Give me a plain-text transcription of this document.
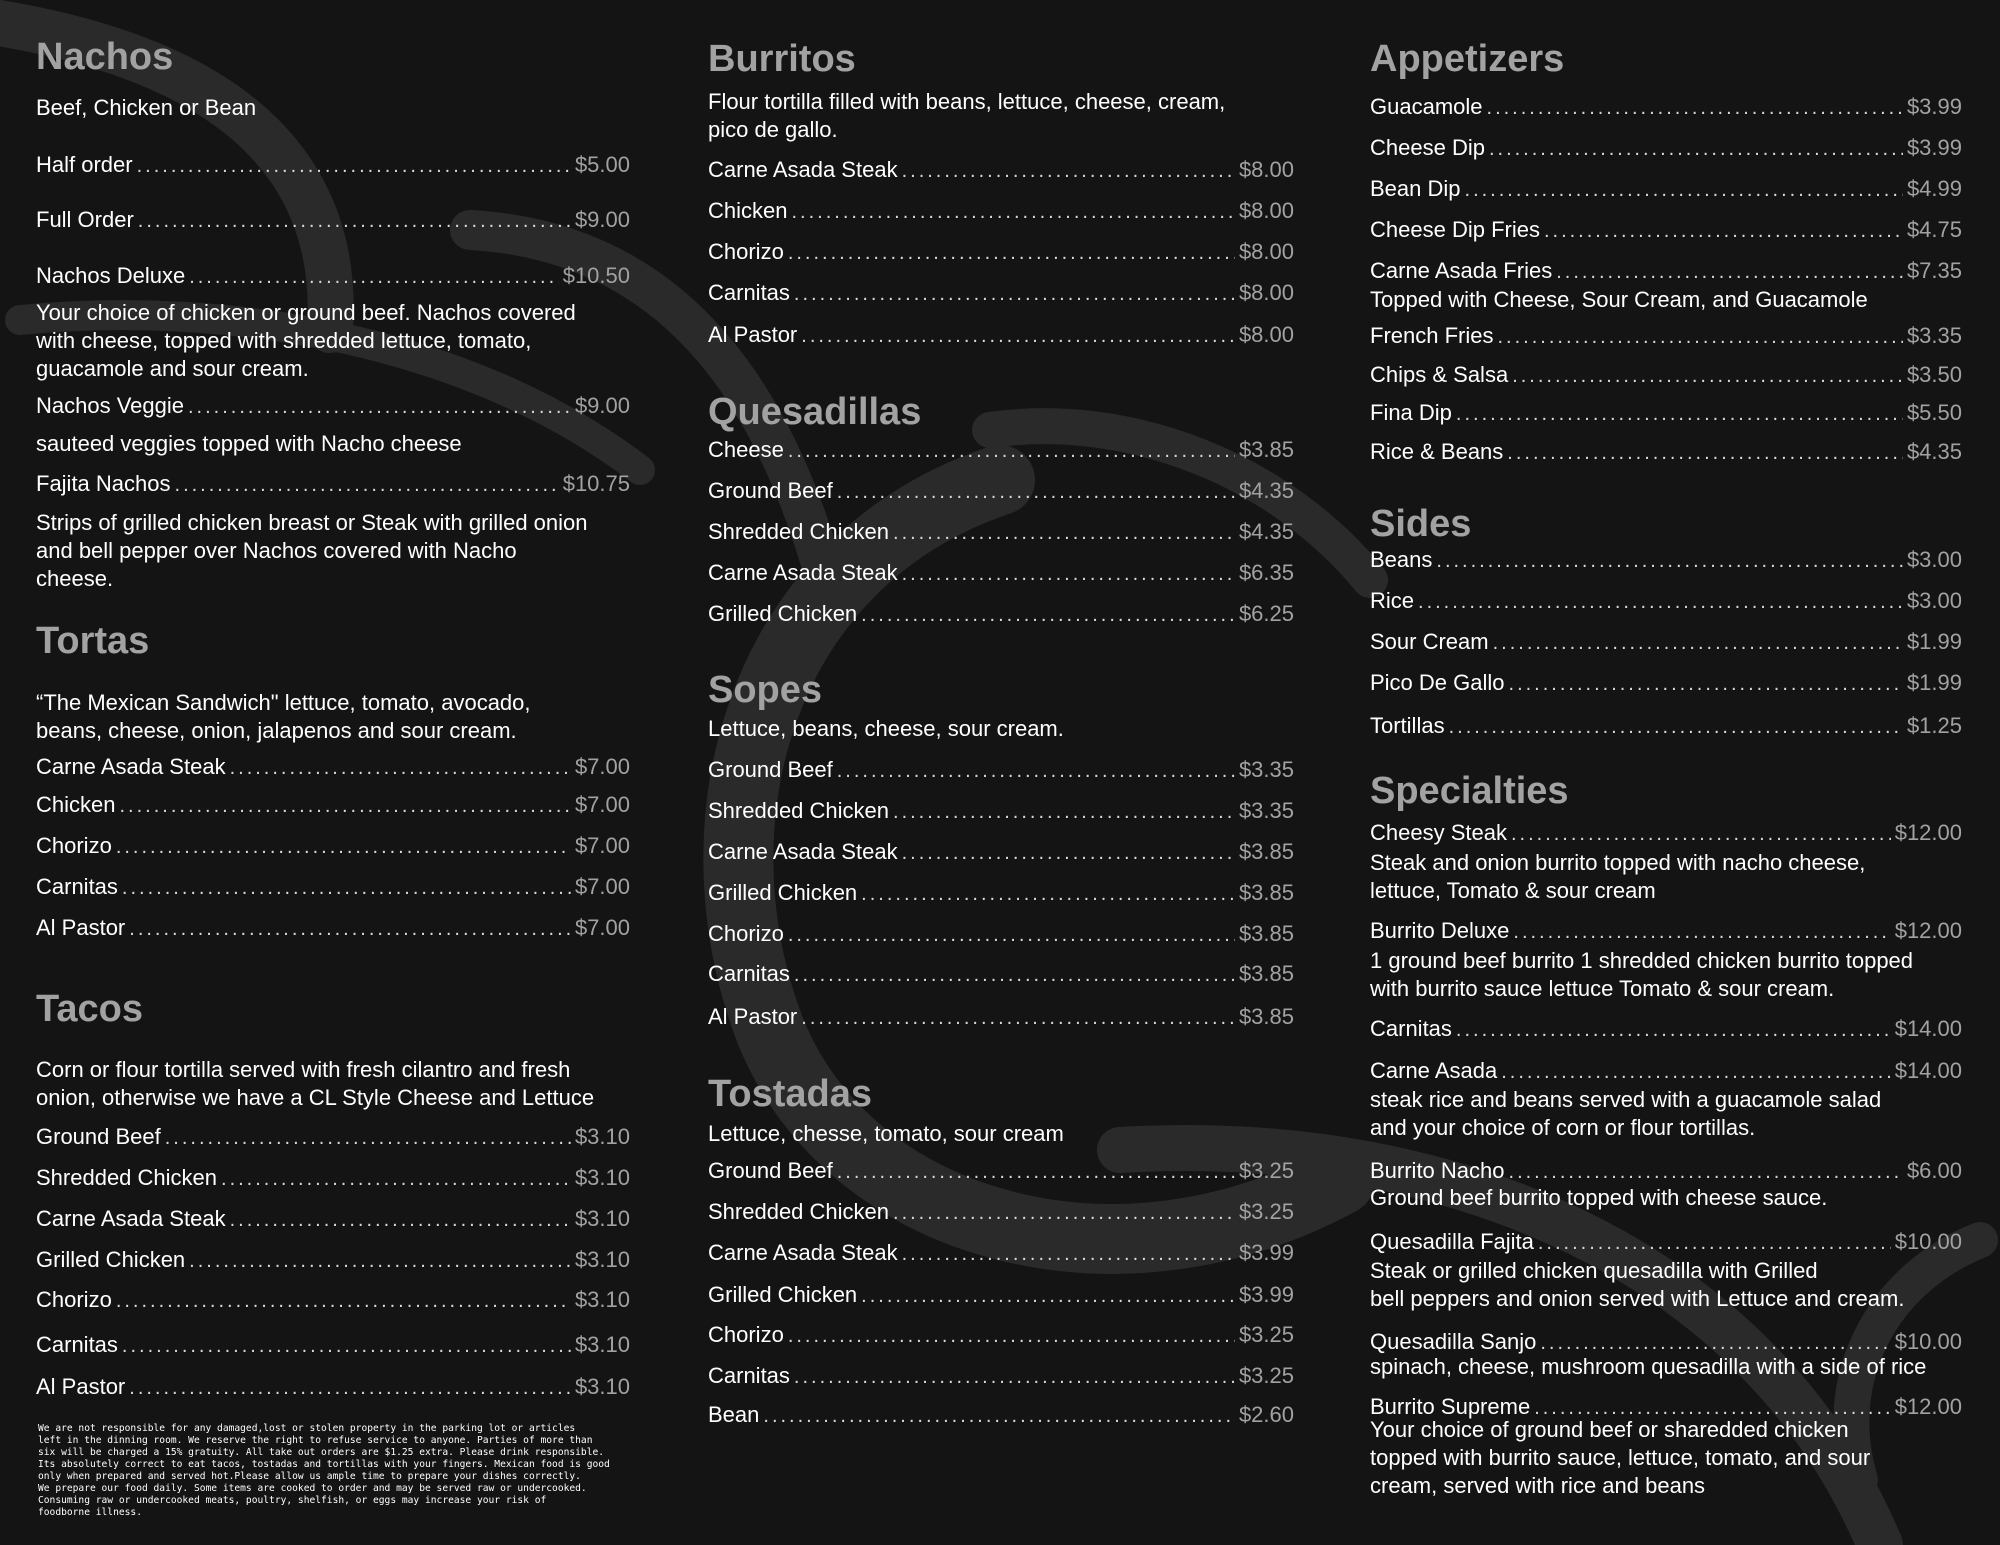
Nachos
Beef, Chicken or Bean
Half order .....	$5.00
Full Order .....	$9.00
Nachos Deluxe .....	$10.50
Your choice of chicken or ground beef. Nachos covered
with cheese, topped with shredded lettuce, tomato,
guacamole and sour cream.
Nachos Veggie .....	$9.00
sauteed veggies topped with Nacho cheese
Fajita Nachos .....	$10.75
Strips of grilled chicken breast or Steak with grilled onion
and bell pepper over Nachos covered with Nacho
cheese.
Tortas
“The Mexican Sandwich" lettuce, tomato, avocado,
beans, cheese, onion, jalapenos and sour cream.
Carne Asada Steak .....	$7.00
Chicken .....	$7.00
Chorizo .....	$7.00
Carnitas .....	$7.00
Al Pastor .....	$7.00
Tacos
Corn or flour tortilla served with fresh cilantro and fresh
onion, otherwise we have a CL Style Cheese and Lettuce
Ground Beef .....	$3.10
Shredded Chicken .....	$3.10
Carne Asada Steak .....	$3.10
Grilled Chicken .....	$3.10
Chorizo .....	$3.10
Carnitas .....	$3.10
Al Pastor .....	$3.10

We are not responsible for any damaged,lost or stolen property in the parking lot or articles
left in the dinning room. We reserve the right to refuse service to anyone. Parties of more than
six will be charged a 15% gratuity. All take out orders are $1.25 extra. Please drink responsible.
Its absolutely correct to eat tacos, tostadas and tortillas with your fingers. Mexican food is good
only when prepared and served hot.Please allow us ample time to prepare your dishes correctly.
We prepare our food daily. Some items are cooked to order and may be served raw or undercooked.
Consuming raw or undercooked meats, poultry, shelfish, or eggs may increase your risk of
foodborne illness.

Burritos
Flour tortilla filled with beans, lettuce, cheese, cream,
pico de gallo.
Carne Asada Steak .....	$8.00
Chicken .....	$8.00
Chorizo .....	$8.00
Carnitas .....	$8.00
Al Pastor .....	$8.00
Quesadillas
Cheese .....	$3.85
Ground Beef .....	$4.35
Shredded Chicken .....	$4.35
Carne Asada Steak .....	$6.35
Grilled Chicken .....	$6.25
Sopes
Lettuce, beans, cheese, sour cream.
Ground Beef .....	$3.35
Shredded Chicken .....	$3.35
Carne Asada Steak .....	$3.85
Grilled Chicken .....	$3.85
Chorizo .....	$3.85
Carnitas .....	$3.85
Al Pastor .....	$3.85
Tostadas
Lettuce, chesse, tomato, sour cream
Ground Beef .....	$3.25
Shredded Chicken .....	$3.25
Carne Asada Steak .....	$3.99
Grilled Chicken .....	$3.99
Chorizo .....	$3.25
Carnitas .....	$3.25
Bean .....	$2.60
Appetizers
Guacamole .....	$3.99
Cheese Dip .....	$3.99
Bean Dip .....	$4.99
Cheese Dip Fries .....	$4.75
Carne Asada Fries .....	$7.35
Topped with Cheese, Sour Cream, and Guacamole
French Fries .....	$3.35
Chips & Salsa .....	$3.50
Fina Dip .....	$5.50
Rice & Beans .....	$4.35
Sides
Beans .....	$3.00
Rice .....	$3.00
Sour Cream .....	$1.99
Pico De Gallo .....	$1.99
Tortillas .....	$1.25
Specialties
Cheesy Steak .....	$12.00
Steak and onion burrito topped with nacho cheese,
lettuce, Tomato & sour cream
Burrito Deluxe .....	$12.00
1 ground beef burrito 1 shredded chicken burrito topped
with burrito sauce lettuce Tomato & sour cream.
Carnitas .....	$14.00
Carne Asada .....	$14.00
steak rice and beans served with a guacamole salad
and your choice of corn or flour tortillas.
Burrito Nacho .....	$6.00
Ground beef burrito topped with cheese sauce.
Quesadilla Fajita .....	$10.00
Steak or grilled chicken quesadilla with Grilled
bell peppers and onion served with Lettuce and cream.
Quesadilla Sanjo .....	$10.00
spinach, cheese, mushroom quesadilla with a side of rice
Burrito Supreme .....	$12.00
Your choice of ground beef or sharedded chicken
topped with burrito sauce, lettuce, tomato, and sour
cream, served with rice and beans
